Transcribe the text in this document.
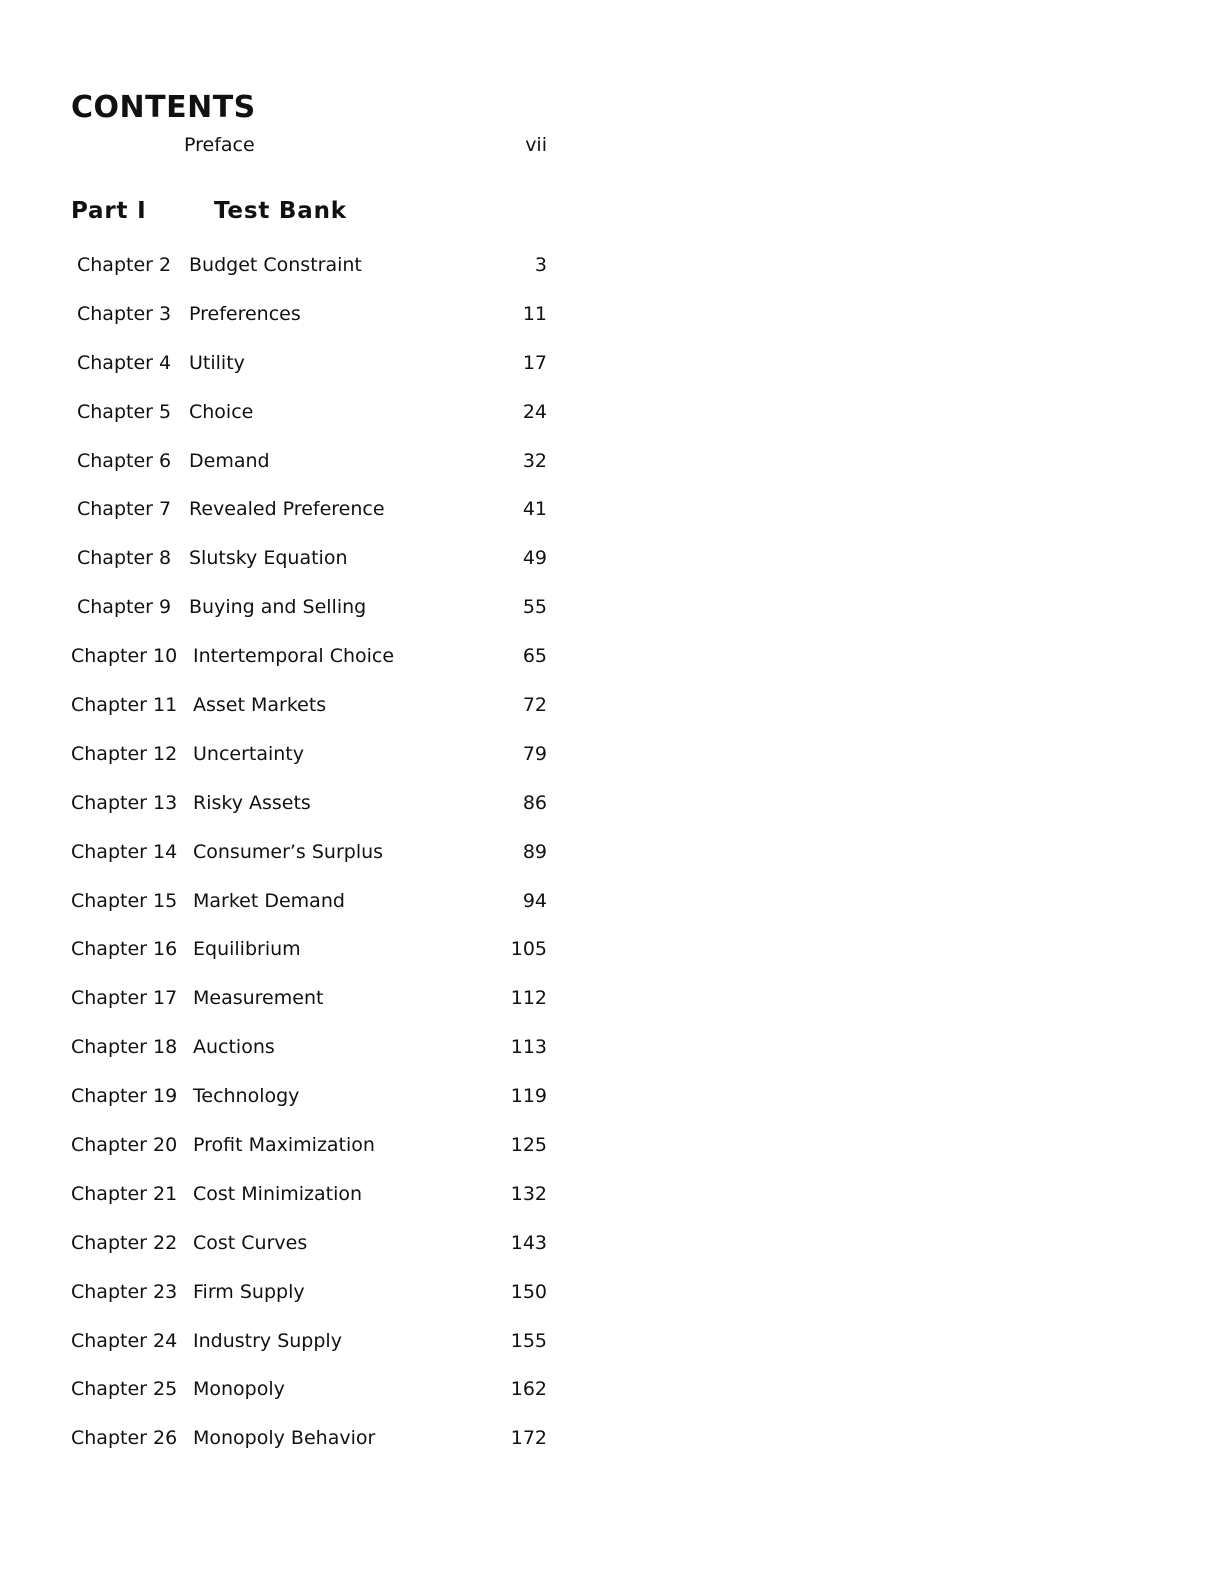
CONTENTS
Preface	vii
Part I	Test Bank
Chapter 2 Budget Constraint	3
Chapter 3 Preferences	11
Chapter 4 Utility	17
Chapter 5 Choice	24
Chapter 6 Demand	32
Chapter 7 Revealed Preference	41
Chapter 8 Slutsky Equation	49
Chapter 9 Buying and Selling	55
Chapter 10 Intertemporal Choice	65
Chapter 11 Asset Markets	72
Chapter 12 Uncertainty	79
Chapter 13 Risky Assets	86
Chapter 14 Consumer’s Surplus	89
Chapter 15 Market Demand	94
Chapter 16 Equilibrium	105
Chapter 17 Measurement	112
Chapter 18 Auctions	113
Chapter 19 Technology	119
Chapter 20 Profit Maximization	125
Chapter 21 Cost Minimization	132
Chapter 22 Cost Curves	143
Chapter 23 Firm Supply	150
Chapter 24 Industry Supply	155
Chapter 25 Monopoly	162
Chapter 26 Monopoly Behavior	172
